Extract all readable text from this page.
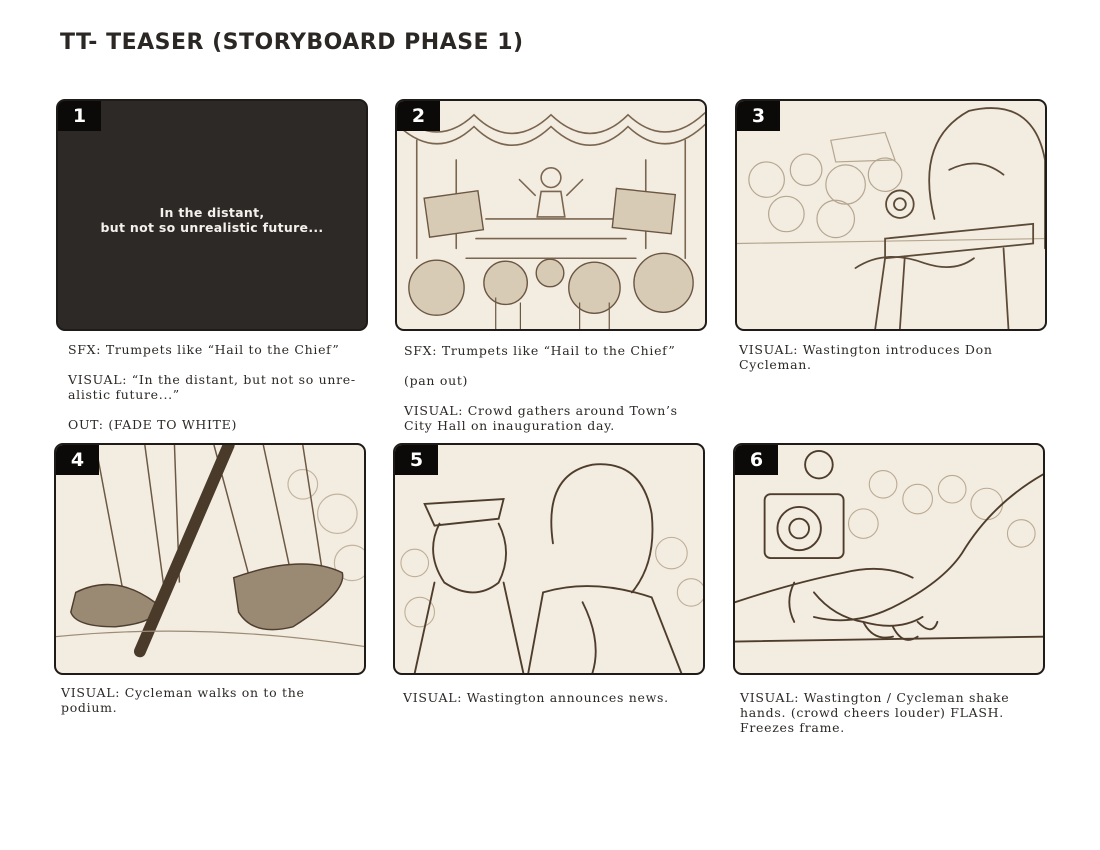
TT- TEASER (STORYBOARD PHASE 1)
1
In the distant,
but not so unrealistic future...

SFX: Trumpets like “Hail to the Chief”

VISUAL: “In the distant, but not so unre-alistic future...”

OUT: (FADE TO WHITE)

2

SFX: Trumpets like “Hail to the Chief”

(pan out)

VISUAL: Crowd gathers around Town’s City Hall on inauguration day.

3

VISUAL: Wastington introduces Don Cycleman.

4

VISUAL: Cycleman walks on to the podium.

5

VISUAL: Wastington announces news.

6

VISUAL: Wastington / Cycleman shake hands. (crowd cheers louder) FLASH. Freezes frame.
